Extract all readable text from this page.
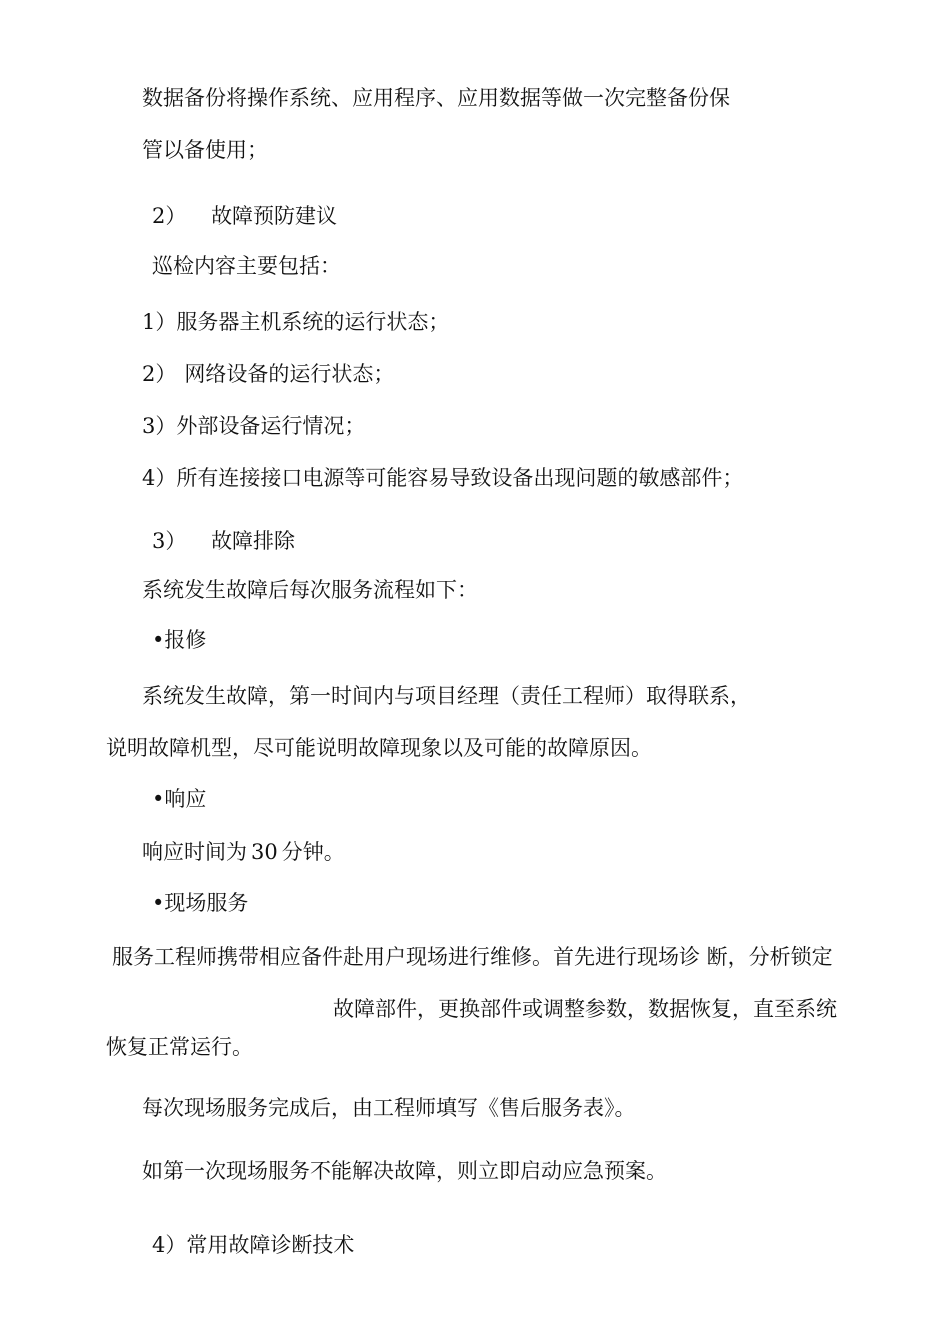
数据备份将操作系统、应用程序、应用数据等做一次完整备份保
管以备使用；
2） 故障预防建议
巡检内容主要包括：
1）服务器主机系统的运行状态；
2） 网络设备的运行状态；
3）外部设备运行情况；
4）所有连接接口电源等可能容易导致设备出现问题的敏感部件；
3） 故障排除
系统发生故障后每次服务流程如下：
•报修
系统发生故障，第一时间内与项目经理（责任工程师）取得联系，
说明故障机型，尽可能说明故障现象以及可能的故障原因。
•响应
响应时间为 30 分钟。
•现场服务
服务工程师携带相应备件赴用户现场进行维修。首先进行现场诊 断，分析锁定
故障部件，更换部件或调整参数，数据恢复，直至系统
恢复正常运行。
每次现场服务完成后，由工程师填写《售后服务表》。
如第一次现场服务不能解决故障，则立即启动应急预案。
4）常用故障诊断技术
